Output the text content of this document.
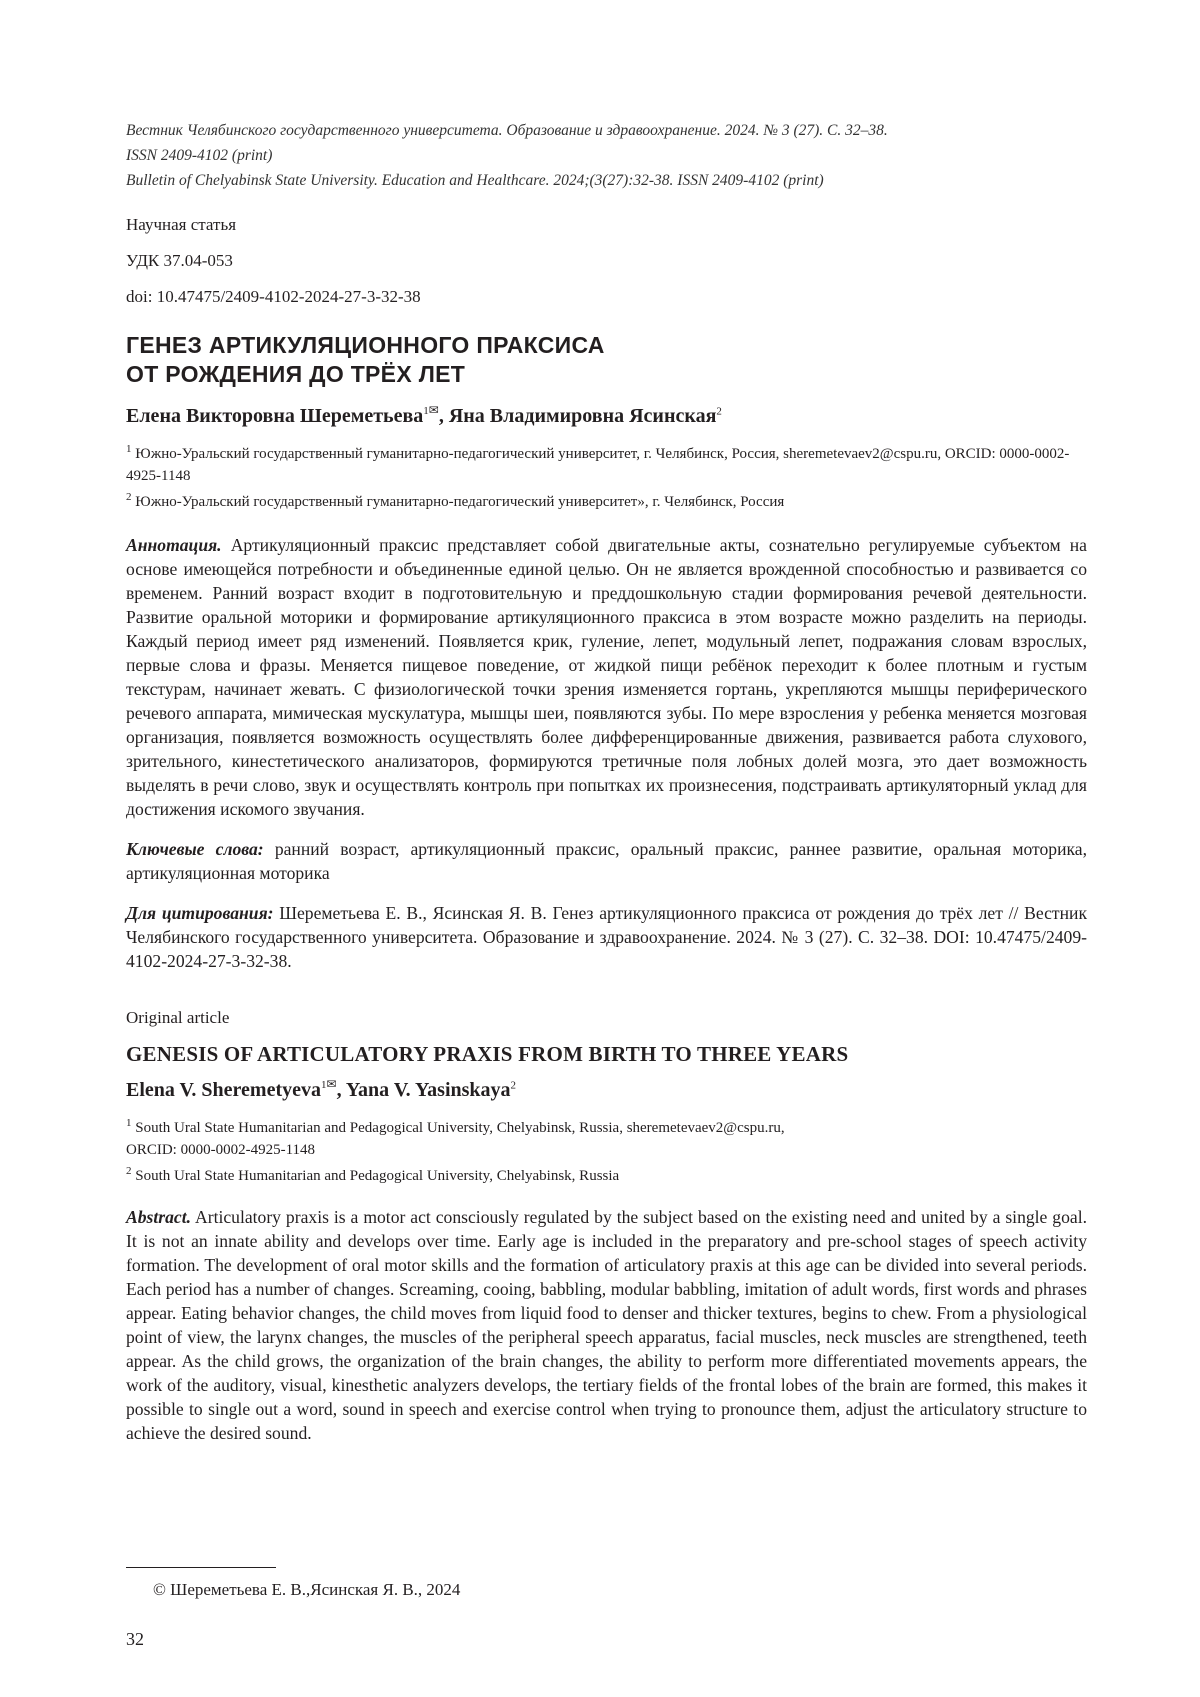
Вестник Челябинского государственного университета. Образование и здравоохранение. 2024. № 3 (27). С. 32–38.
ISSN 2409-4102 (print)
Bulletin of Chelyabinsk State University. Education and Healthcare. 2024;(3(27):32-38. ISSN 2409-4102 (print)
Научная статья
УДК 37.04-053
doi: 10.47475/2409-4102-2024-27-3-32-38
ГЕНЕЗ АРТИКУЛЯЦИОННОГО ПРАКСИСА
ОТ РОЖДЕНИЯ ДО ТРЁХ ЛЕТ
Елена Викторовна Шереметьева$^{1✉}$, Яна Владимировна Ясинская$^2$
$^1$ Южно-Уральский государственный гуманитарно-педагогический университет, г. Челябинск, Россия, sheremetevaev2@cspu.ru, ORCID: 0000-0002-4925-1148
$^2$ Южно-Уральский государственный гуманитарно-педагогический университет», г. Челябинск, Россия
Аннотация. Артикуляционный праксис представляет собой двигательные акты, сознательно регулируемые субъектом на основе имеющейся потребности и объединенные единой целью. Он не является врожденной способностью и развивается со временем. Ранний возраст входит в подготовительную и преддошкольную стадии формирования речевой деятельности. Развитие оральной моторики и формирование артикуляционного праксиса в этом возрасте можно разделить на периоды. Каждый период имеет ряд изменений. Появляется крик, гуление, лепет, модульный лепет, подражания словам взрослых, первые слова и фразы. Меняется пищевое поведение, от жидкой пищи ребёнок переходит к более плотным и густым текстурам, начинает жевать. С физиологической точки зрения изменяется гортань, укрепляются мышцы периферического речевого аппарата, мимическая мускулатура, мышцы шеи, появляются зубы. По мере взросления у ребенка меняется мозговая организация, появляется возможность осуществлять более дифференцированные движения, развивается работа слухового, зрительного, кинестетического анализаторов, формируются третичные поля лобных долей мозга, это дает возможность выделять в речи слово, звук и осуществлять контроль при попытках их произнесения, подстраивать артикуляторный уклад для достижения искомого звучания.
Ключевые слова: ранний возраст, артикуляционный праксис, оральный праксис, раннее развитие, оральная моторика, артикуляционная моторика
Для цитирования: Шереметьева Е. В., Ясинская Я. В. Генез артикуляционного праксиса от рождения до трёх лет // Вестник Челябинского государственного университета. Образование и здравоохранение. 2024. № 3 (27). С. 32–38. DOI: 10.47475/2409-4102-2024-27-3-32-38.
Original article
GENESIS OF ARTICULATORY PRAXIS FROM BIRTH TO THREE YEARS
Elena V. Sheremetyeva$^{1✉}$, Yana V. Yasinskaya$^2$
$^1$ South Ural State Humanitarian and Pedagogical University, Chelyabinsk, Russia, sheremetevaev2@cspu.ru,
ORCID: 0000-0002-4925-1148
$^2$ South Ural State Humanitarian and Pedagogical University, Chelyabinsk, Russia
Abstract. Articulatory praxis is a motor act consciously regulated by the subject based on the existing need and united by a single goal. It is not an innate ability and develops over time. Early age is included in the preparatory and pre-school stages of speech activity formation. The development of oral motor skills and the formation of articulatory praxis at this age can be divided into several periods. Each period has a number of changes. Screaming, cooing, babbling, modular babbling, imitation of adult words, first words and phrases appear. Eating behavior changes, the child moves from liquid food to denser and thicker textures, begins to chew. From a physiological point of view, the larynx changes, the muscles of the peripheral speech apparatus, facial muscles, neck muscles are strengthened, teeth appear. As the child grows, the organization of the brain changes, the ability to perform more differentiated movements appears, the work of the auditory, visual, kinesthetic analyzers develops, the tertiary fields of the frontal lobes of the brain are formed, this makes it possible to single out a word, sound in speech and exercise control when trying to pronounce them, adjust the articulatory structure to achieve the desired sound.
© Шереметьева Е. В.,Ясинская Я. В., 2024
32
